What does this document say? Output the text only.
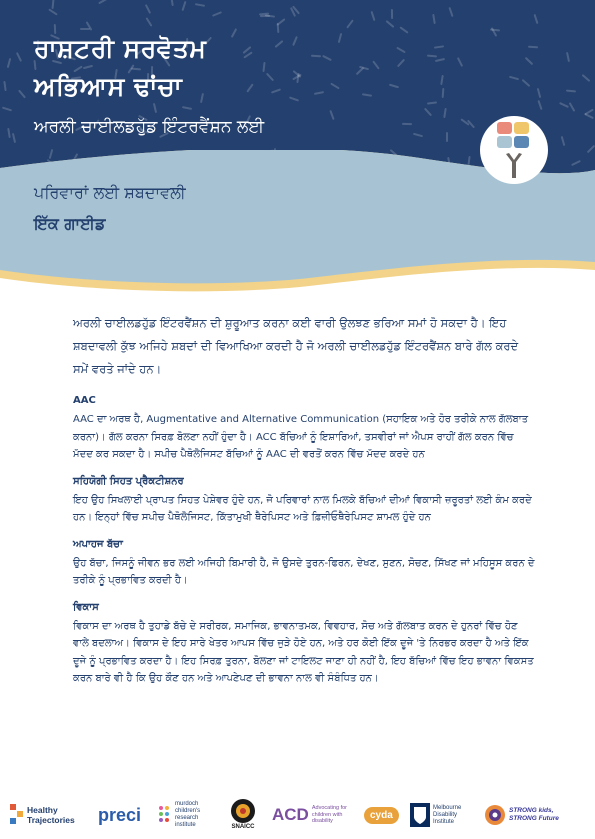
ਰਾਸ਼ਟਰੀ ਸਰਵੋਤਮ
ਅਭਿਆਸ ਢਾਂਚਾ
ਅਰਲੀ ਚਾਈਲਡਹੁੱਡ ਇੰਟਰਵੈਂਸ਼ਨ ਲਈ
ਪਰਿਵਾਰਾਂ ਲਈ ਸ਼ਬਦਾਵਲੀ
ਇੱਕ ਗਾਈਡ

ਅਰਲੀ ਚਾਈਲਡਹੁੱਡ ਇੰਟਰਵੈਂਸ਼ਨ ਦੀ ਸ਼ੁਰੂਆਤ ਕਰਨਾ ਕਈ ਵਾਰੀ ਉਲਝਣ ਭਰਿਆ ਸਮਾਂ ਹੋ ਸਕਦਾ ਹੈ। ਇਹ ਸ਼ਬਦਾਵਲੀ ਕੁੱਝ ਅਜਿਹੇ ਸ਼ਬਦਾਂ ਦੀ ਵਿਆਖਿਆ ਕਰਦੀ ਹੈ ਜੋ ਅਰਲੀ ਚਾਈਲਡਹੁੱਡ ਇੰਟਰਵੈਂਸ਼ਨ ਬਾਰੇ ਗੱਲ ਕਰਦੇ ਸਮੇਂ ਵਰਤੇ ਜਾਂਦੇ ਹਨ।

AAC
AAC ਦਾ ਅਰਥ ਹੈ, Augmentative and Alternative Communication (ਸਹਾਇਕ ਅਤੇ ਹੋਰ ਤਰੀਕੇ ਨਾਲ ਗੱਲਬਾਤ ਕਰਨਾ)। ਗੱਲ ਕਰਨਾ ਸਿਰਫ਼ ਬੋਲਣਾ ਨਹੀਂ ਹੁੰਦਾ ਹੈ। ACC ਬੱਚਿਆਂ ਨੂੰ ਇਸ਼ਾਰਿਆਂ, ਤਸਵੀਰਾਂ ਜਾਂ ਐਪਸ ਰਾਹੀਂ ਗੱਲ ਕਰਨ ਵਿੱਚ ਮੱਦਦ ਕਰ ਸਕਦਾ ਹੈ। ਸਪੀਚ ਪੈਥੋਲੋਜਿਸਟ ਬੱਚਿਆਂ ਨੂੰ AAC ਦੀ ਵਰਤੋਂ ਕਰਨ ਵਿੱਚ ਮੱਦਦ ਕਰਦੇ ਹਨ
ਸਹਿਯੋਗੀ ਸਿਹਤ ਪ੍ਰੈਕਟੀਸ਼ਨਰ
ਇਹ ਉਹ ਸਿਖਲਾਈ ਪ੍ਰਾਪਤ ਸਿਹਤ ਪੇਸ਼ੇਵਰ ਹੁੰਦੇ ਹਨ, ਜੋ ਪਰਿਵਾਰਾਂ ਨਾਲ ਮਿਲਕੇ ਬੱਚਿਆਂ ਦੀਆਂ ਵਿਕਾਸੀ ਜ਼ਰੂਰਤਾਂ ਲਈ ਕੰਮ ਕਰਦੇ ਹਨ। ਇਨ੍ਹਾਂ ਵਿੱਚ ਸਪੀਚ ਪੈਥੋਲੋਜਿਸਟ, ਕਿੱਤਾਮੁਖੀ ਥੈਰੇਪਿਸਟ ਅਤੇ ਫ਼ਿਜ਼ੀਓਥੈਰੇਪਿਸਟ ਸ਼ਾਮਲ ਹੁੰਦੇ ਹਨ
ਅਪਾਹਜ ਬੱਚਾ
ਉਹ ਬੱਚਾ, ਜਿਸਨੂੰ ਜੀਵਨ ਭਰ ਲਈ ਅਜਿਹੀ ਬਿਮਾਰੀ ਹੈ, ਜੋ ਉਸਦੇ ਤੁਰਨ-ਫਿਰਨ, ਦੇਖਣ, ਸੁਣਨ, ਸੋਚਣ, ਸਿੱਖਣ ਜਾਂ ਮਹਿਸੂਸ ਕਰਨ ਦੇ ਤਰੀਕੇ ਨੂੰ ਪ੍ਰਭਾਵਿਤ ਕਰਦੀ ਹੈ।
ਵਿਕਾਸ
ਵਿਕਾਸ ਦਾ ਅਰਥ ਹੈ ਤੁਹਾਡੇ ਬੱਚੇ ਦੇ ਸਰੀਰਕ, ਸਮਾਜਿਕ, ਭਾਵਨਾਤਮਕ, ਵਿਵਹਾਰ, ਸੋਚ ਅਤੇ ਗੱਲਬਾਤ ਕਰਨ ਦੇ ਹੁਨਰਾਂ ਵਿੱਚ ਹੋਣ ਵਾਲੇ ਬਦਲਾਅ। ਵਿਕਾਸ ਦੇ ਇਹ ਸਾਰੇ ਖੇਤਰ ਆਪਸ ਵਿੱਚ ਜੁੜੇ ਹੋਏ ਹਨ, ਅਤੇ ਹਰ ਕੋਈ ਇੱਕ ਦੂਜੇ 'ਤੇ ਨਿਰਭਰ ਕਰਦਾ ਹੈ ਅਤੇ ਇੱਕ ਦੂਜੇ ਨੂੰ ਪ੍ਰਭਾਵਿਤ ਕਰਦਾ ਹੈ। ਇਹ ਸਿਰਫ਼ ਤੁਰਨਾ, ਬੋਲਣਾ ਜਾਂ ਟਾਇਲਟ ਜਾਣਾ ਹੀ ਨਹੀਂ ਹੈ, ਇਹ ਬੱਚਿਆਂ ਵਿੱਚ ਇਹ ਭਾਵਨਾ ਵਿਕਸਤ ਕਰਨ ਬਾਰੇ ਵੀ ਹੈ ਕਿ ਉਹ ਕੌਣ ਹਨ ਅਤੇ ਆਪਣੇਪਣ ਦੀ ਭਾਵਨਾ ਨਾਲ ਵੀ ਸੰਬੰਧਿਤ ਹਨ।
Healthy Trajectories	preci
murdoch children's research institute	SNAICC
ACD Advocating for children with disability
cyda
Melbourne Disability Institute
STRONG kids, STRONG Future
